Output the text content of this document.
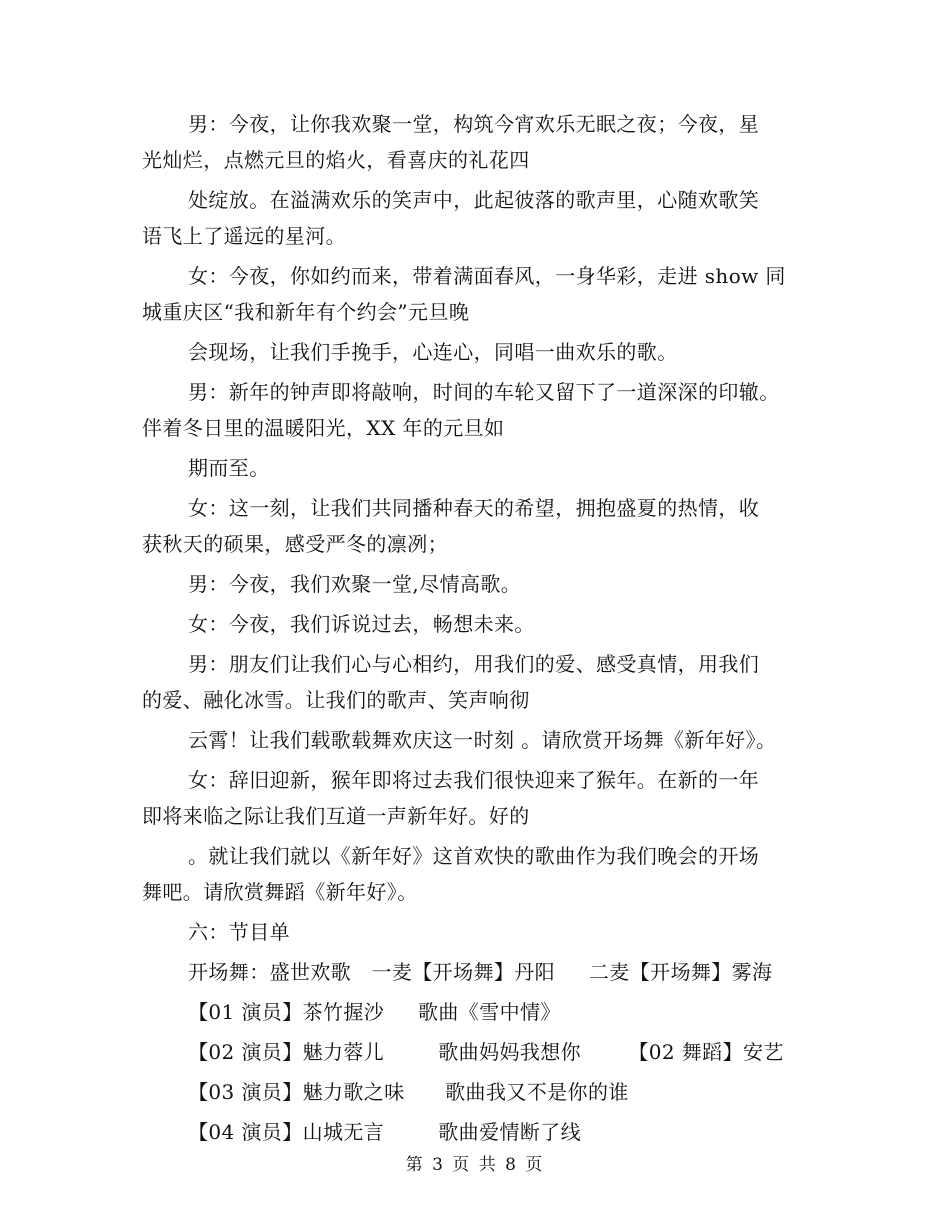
男：今夜，让你我欢聚一堂，构筑今宵欢乐无眠之夜；今夜，星
光灿烂，点燃元旦的焰火，看喜庆的礼花四
处绽放。在溢满欢乐的笑声中，此起彼落的歌声里，心随欢歌笑
语飞上了遥远的星河。
女：今夜，你如约而来，带着满面春风，一身华彩，走进 show 同
城重庆区“我和新年有个约会”元旦晚
会现场，让我们手挽手，心连心，同唱一曲欢乐的歌。
男：新年的钟声即将敲响，时间的车轮又留下了一道深深的印辙。
伴着冬日里的温暖阳光，XX 年的元旦如
期而至。
女：这一刻，让我们共同播种春天的希望，拥抱盛夏的热情，收
获秋天的硕果，感受严冬的凛冽；
男：今夜，我们欢聚一堂,尽情高歌。
女：今夜，我们诉说过去，畅想未来。
男：朋友们让我们心与心相约，用我们的爱、感受真情，用我们
的爱、融化冰雪。让我们的歌声、笑声响彻
云霄！让我们载歌载舞欢庆这一时刻 。请欣赏开场舞《新年好》。
女：辞旧迎新，猴年即将过去我们很快迎来了猴年。在新的一年
即将来临之际让我们互道一声新年好。好的
。就让我们就以《新年好》这首欢快的歌曲作为我们晚会的开场
舞吧。请欣赏舞蹈《新年好》。
六：节目单
开场舞：盛世欢歌   一麦【开场舞】丹阳     二麦【开场舞】雾海
【01 演员】茶竹握沙     歌曲《雪中情》
【02 演员】魅力蓉儿        歌曲妈妈我想你       【02 舞蹈】安艺
【03 演员】魅力歌之味      歌曲我又不是你的谁
【04 演员】山城无言        歌曲爱情断了线
第 3 页 共 8 页
